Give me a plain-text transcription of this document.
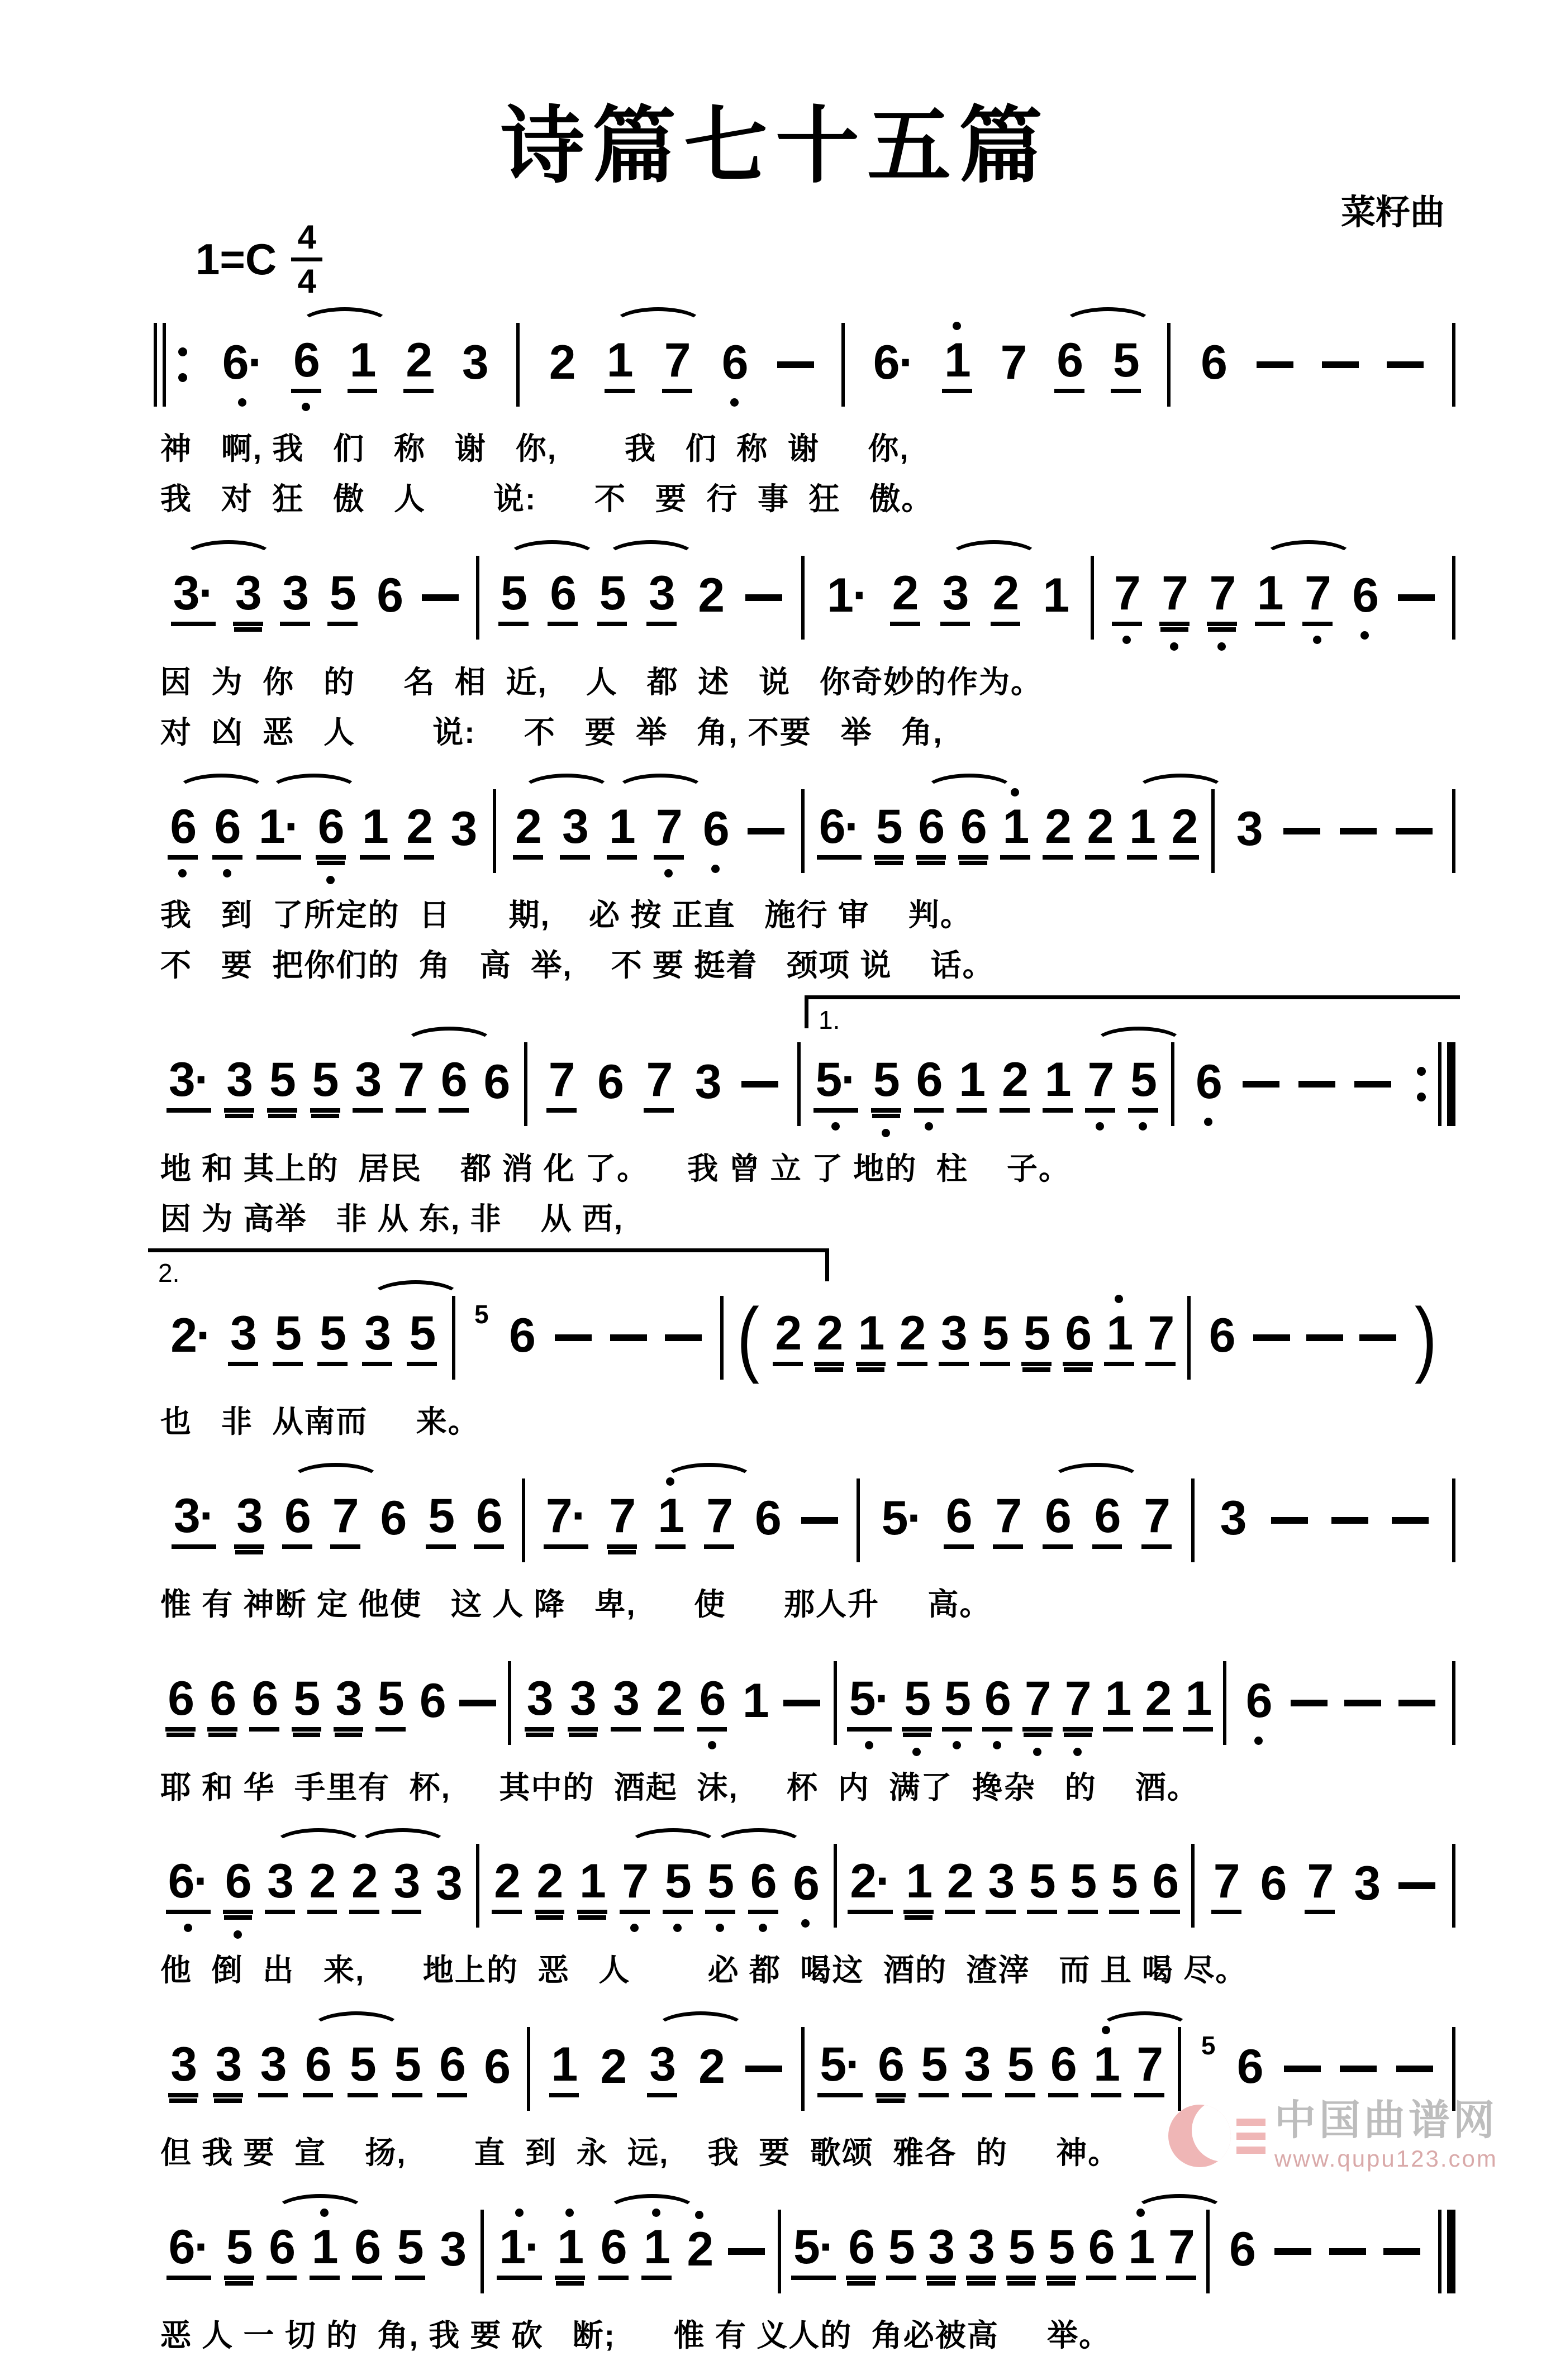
诗篇七十五篇
菜籽曲
1=C 4
4
6· 6 1 2 3 2 1 7 6	6· 1 7 6 5 6
神   啊, 我   们   称   谢   你,       我   们  称  谢     你,
我   对  狂   傲   人       说:      不   要  行  事  狂   傲。
3· 3 3 5 6 5 6 5 3 2 1· 2 3 2 1 7 7 7 1 7 6
因  为  你   的     名  相  近,    人   都  述   说   你奇妙的作为。
对  凶  恶   人        说:     不   要  举   角, 不要   举   角,
6 6 1· 6 1 2 3 2 3 1 7 6 6· 5 6 6 1 2 2 1 2 3
我   到  了所定的  日      期,    必 按 正直   施行 审    判。
不   要  把你们的  角   高  举,    不 要 挺着   颈项 说    话。
1.
3· 3 5 5 3 7 6 6 7 6 7 3 5· 5 6 1 2 1 7 5 6
地 和 其上的  居民    都 消 化 了。    我 曾 立 了 地的  柱    子。
因 为 高举   非 从 东, 非    从 西,
2.
2· 3 5 5 3 5 5 6	( 2 2 1 2 3 5 5 6 1 7 6	)
也   非  从南而     来。
3· 3 6 7 6 5 6 7· 7 1 7 6 5· 6 7 6 6 7 3
惟 有 神断 定 他使   这 人 降   卑,      使      那人升     高。
6 6 6 5 3 5 6 3 3 3 2 6 1 5· 5 5 6 7 7 1 2 1 6
耶 和 华  手里有  杯,     其中的  酒起  沫,     杯  内  满了  搀杂   的    酒。
6· 6 3 2 2 3 3 2 2 1 7 5 5 6 6 2· 1 2 3 5 5 5 6 7 6 7 3
他  倒  出   来,      地上的  恶   人        必 都  喝这  酒的  渣滓   而 且 喝 尽。
3 3 3 6 5 5 6 6 1 2 3 2 5· 6 5 3 5 6 1 7 5 6
但 我 要  宣    扬,       直  到  永  远,    我  要  歌颂  雅各  的     神。
6· 5 6 1 6 5 3 1· 1 6 1 2 5· 6 5 3 3 5 5 6 1 7 6
恶 人 一 切 的  角, 我 要 砍   断;      惟 有 义人的  角必被高     举。
中国曲谱网
www.qupu123.com
